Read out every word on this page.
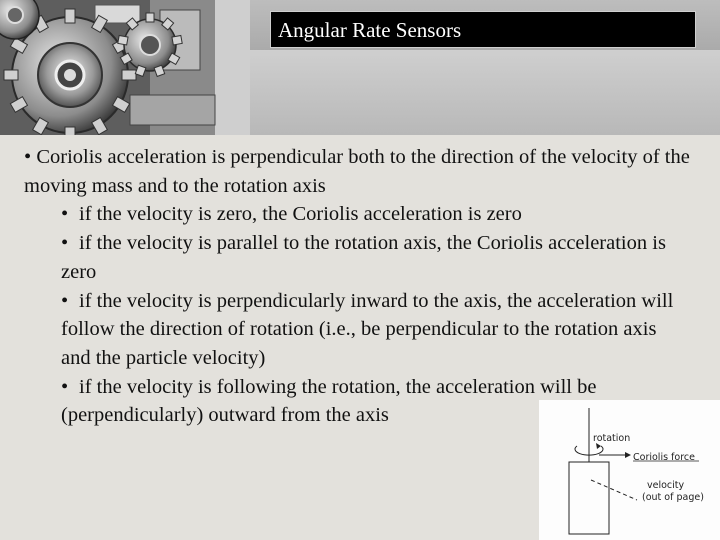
Angular Rate Sensors

• Coriolis acceleration is perpendicular both to the direction of the velocity of the moving mass and to the rotation axis

• if the velocity is zero, the Coriolis acceleration is zero

• if the velocity is parallel to the rotation axis, the Coriolis acceleration is zero

• if the velocity is perpendicularly inward to the axis, the acceleration will follow the direction of rotation (i.e., be perpendicular to the rotation axis and the particle velocity)

• if the velocity is following the rotation, the acceleration will be (perpendicularly) outward from the axis

rotation
Coriolis force
velocity
(out of page)
